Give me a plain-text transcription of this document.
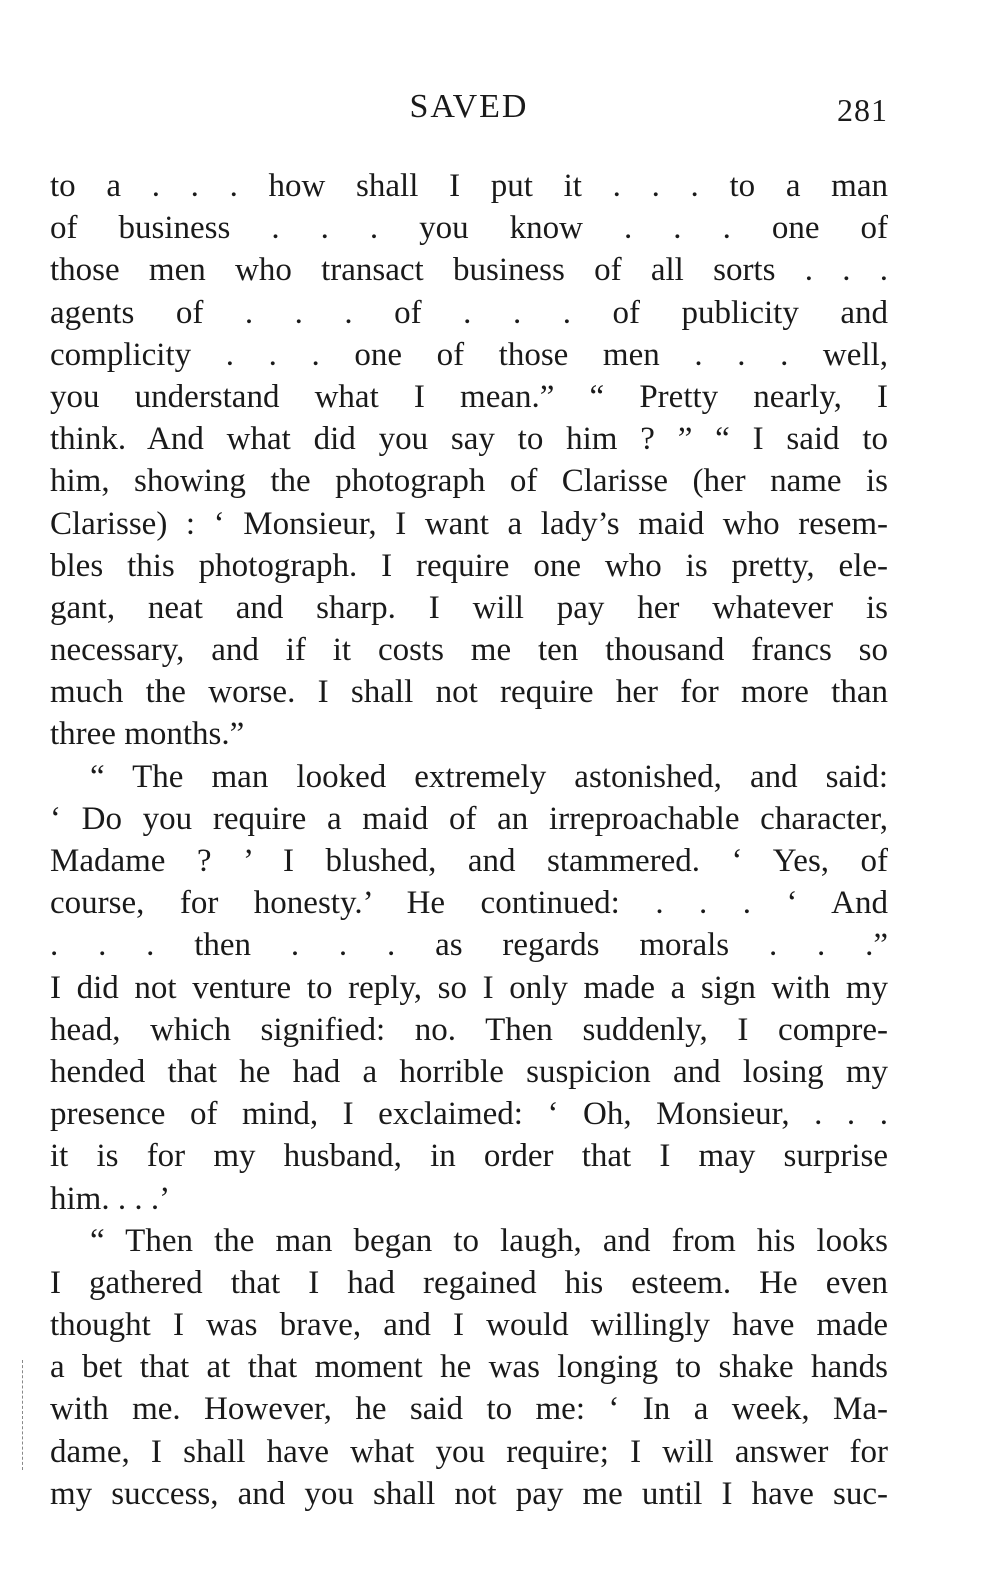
SAVED	281
to a . . . how shall I put it . . . to a man
of business . . . you know . . . one of
those men who transact business of all sorts . . .
agents of . . . of . . . of publicity and
complicity . . . one of those men . . . well,
you understand what I mean.” “ Pretty nearly, I
think. And what did you say to him ? ” “ I said to
him, showing the photograph of Clarisse (her name is
Clarisse) : ‘ Monsieur, I want a lady’s maid who resem-
bles this photograph. I require one who is pretty, ele-
gant, neat and sharp. I will pay her whatever is
necessary, and if it costs me ten thousand francs so
much the worse. I shall not require her for more than
three months.”
“ The man looked extremely astonished, and said:
‘ Do you require a maid of an irreproachable character,
Madame ? ’ I blushed, and stammered. ‘ Yes, of
course, for honesty.’ He continued: . . . ‘ And
. . . then . . . as regards morals . . .”
I did not venture to reply, so I only made a sign with my
head, which signified: no. Then suddenly, I compre-
hended that he had a horrible suspicion and losing my
presence of mind, I exclaimed: ‘ Oh, Monsieur, . . .
it is for my husband, in order that I may surprise
him. . . .’
“ Then the man began to laugh, and from his looks
I gathered that I had regained his esteem. He even
thought I was brave, and I would willingly have made
a bet that at that moment he was longing to shake hands
with me. However, he said to me: ‘ In a week, Ma-
dame, I shall have what you require; I will answer for
my success, and you shall not pay me until I have suc-
